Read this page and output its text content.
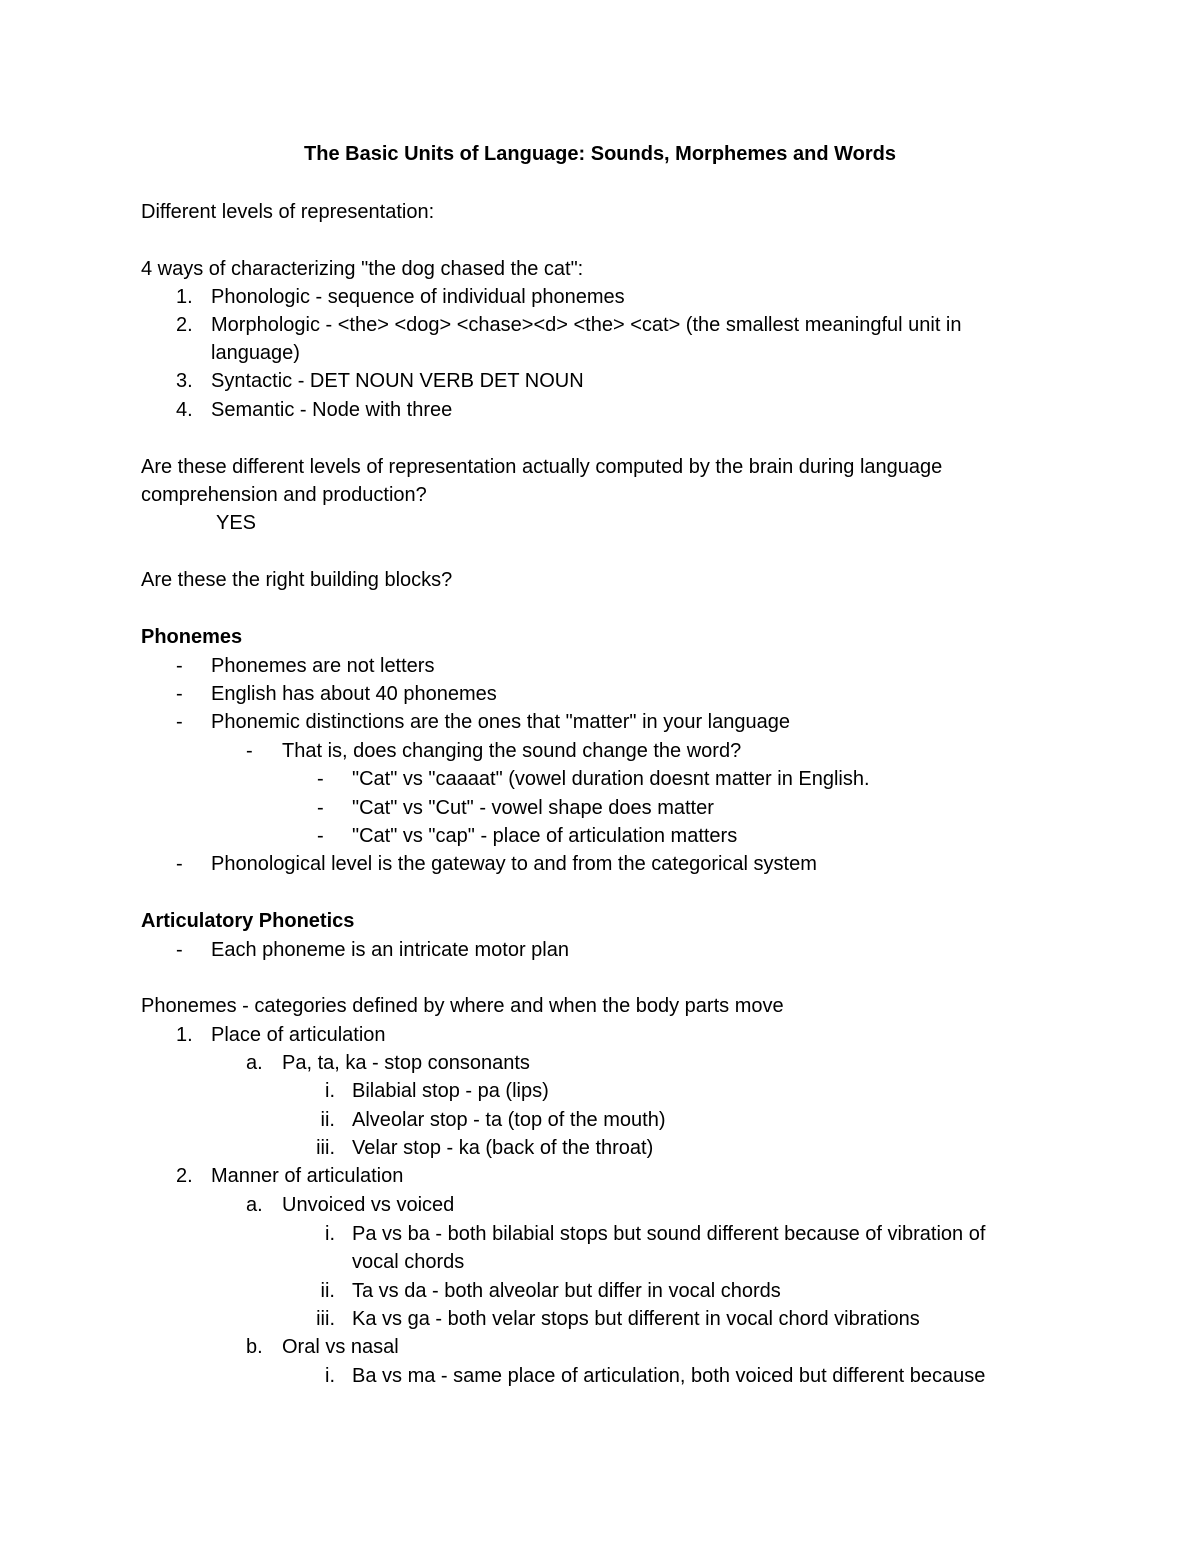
The Basic Units of Language: Sounds, Morphemes and Words
Different levels of representation:
4 ways of characterizing "the dog chased the cat":
1. Phonologic - sequence of individual phonemes
2. Morphologic - <the> <dog> <chase><d> <the> <cat> (the smallest meaningful unit in
language)
3. Syntactic - DET NOUN VERB DET NOUN
4. Semantic - Node with three
Are these different levels of representation actually computed by the brain during language
comprehension and production?
YES
Are these the right building blocks?
Phonemes
- Phonemes are not letters
- English has about 40 phonemes
- Phonemic distinctions are the ones that "matter" in your language
- That is, does changing the sound change the word?
- "Cat" vs "caaaat" (vowel duration doesnt matter in English.
- "Cat" vs "Cut" - vowel shape does matter
- "Cat" vs "cap" - place of articulation matters
- Phonological level is the gateway to and from the categorical system
Articulatory Phonetics
- Each phoneme is an intricate motor plan
Phonemes - categories defined by where and when the body parts move
1. Place of articulation
a. Pa, ta, ka - stop consonants
i. Bilabial stop - pa (lips)
ii. Alveolar stop - ta (top of the mouth)
iii. Velar stop - ka (back of the throat)
2. Manner of articulation
a. Unvoiced vs voiced
i. Pa vs ba - both bilabial stops but sound different because of vibration of
vocal chords
ii. Ta vs da - both alveolar but differ in vocal chords
iii. Ka vs ga - both velar stops but different in vocal chord vibrations
b. Oral vs nasal
i. Ba vs ma - same place of articulation, both voiced but different because
